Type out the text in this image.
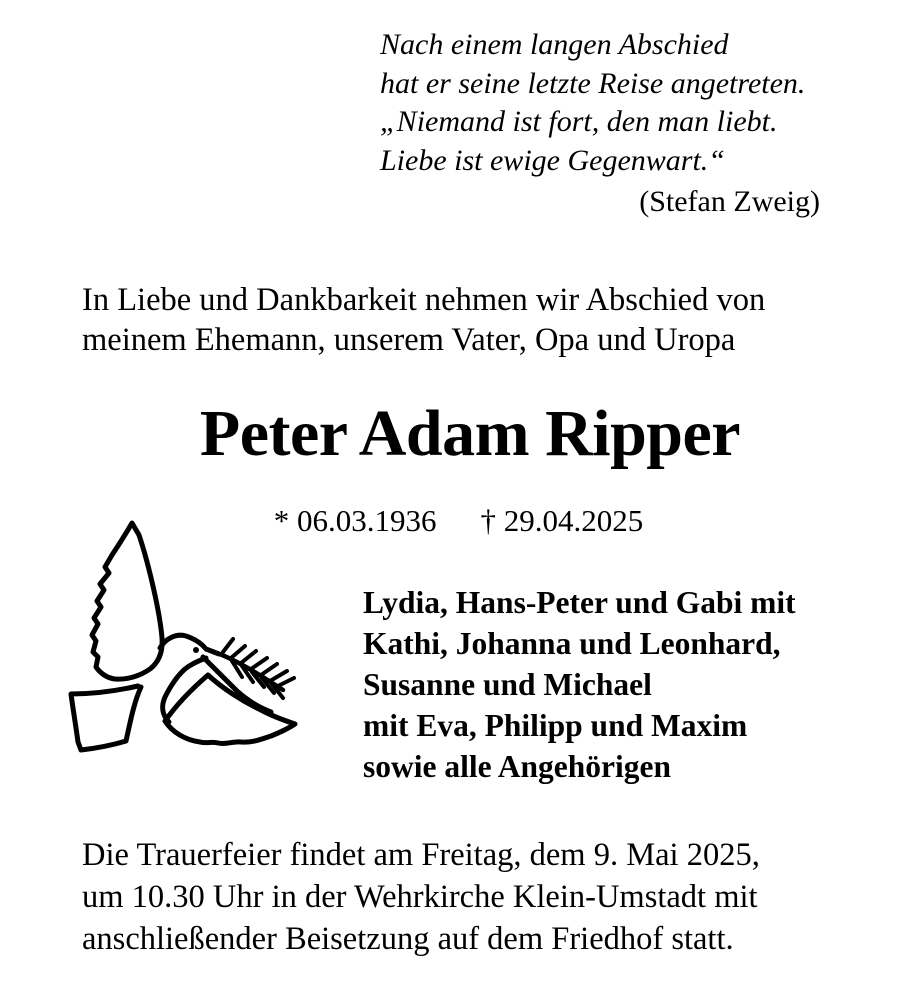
Nach einem langen Abschied
hat er seine letzte Reise angetreten.
„Niemand ist fort, den man liebt.
Liebe ist ewige Gegenwart.“
(Stefan Zweig)
In Liebe und Dankbarkeit nehmen wir Abschied von
meinem Ehemann, unserem Vater, Opa und Uropa
Peter Adam Ripper
* 06.03.1936 † 29.04.2025
Lydia, Hans-Peter und Gabi mit
Kathi, Johanna und Leonhard,
Susanne und Michael
mit Eva, Philipp und Maxim
sowie alle Angehörigen
Die Trauerfeier findet am Freitag, dem 9. Mai 2025,
um 10.30 Uhr in der Wehrkirche Klein-Umstadt mit
anschließender Beisetzung auf dem Friedhof statt.
